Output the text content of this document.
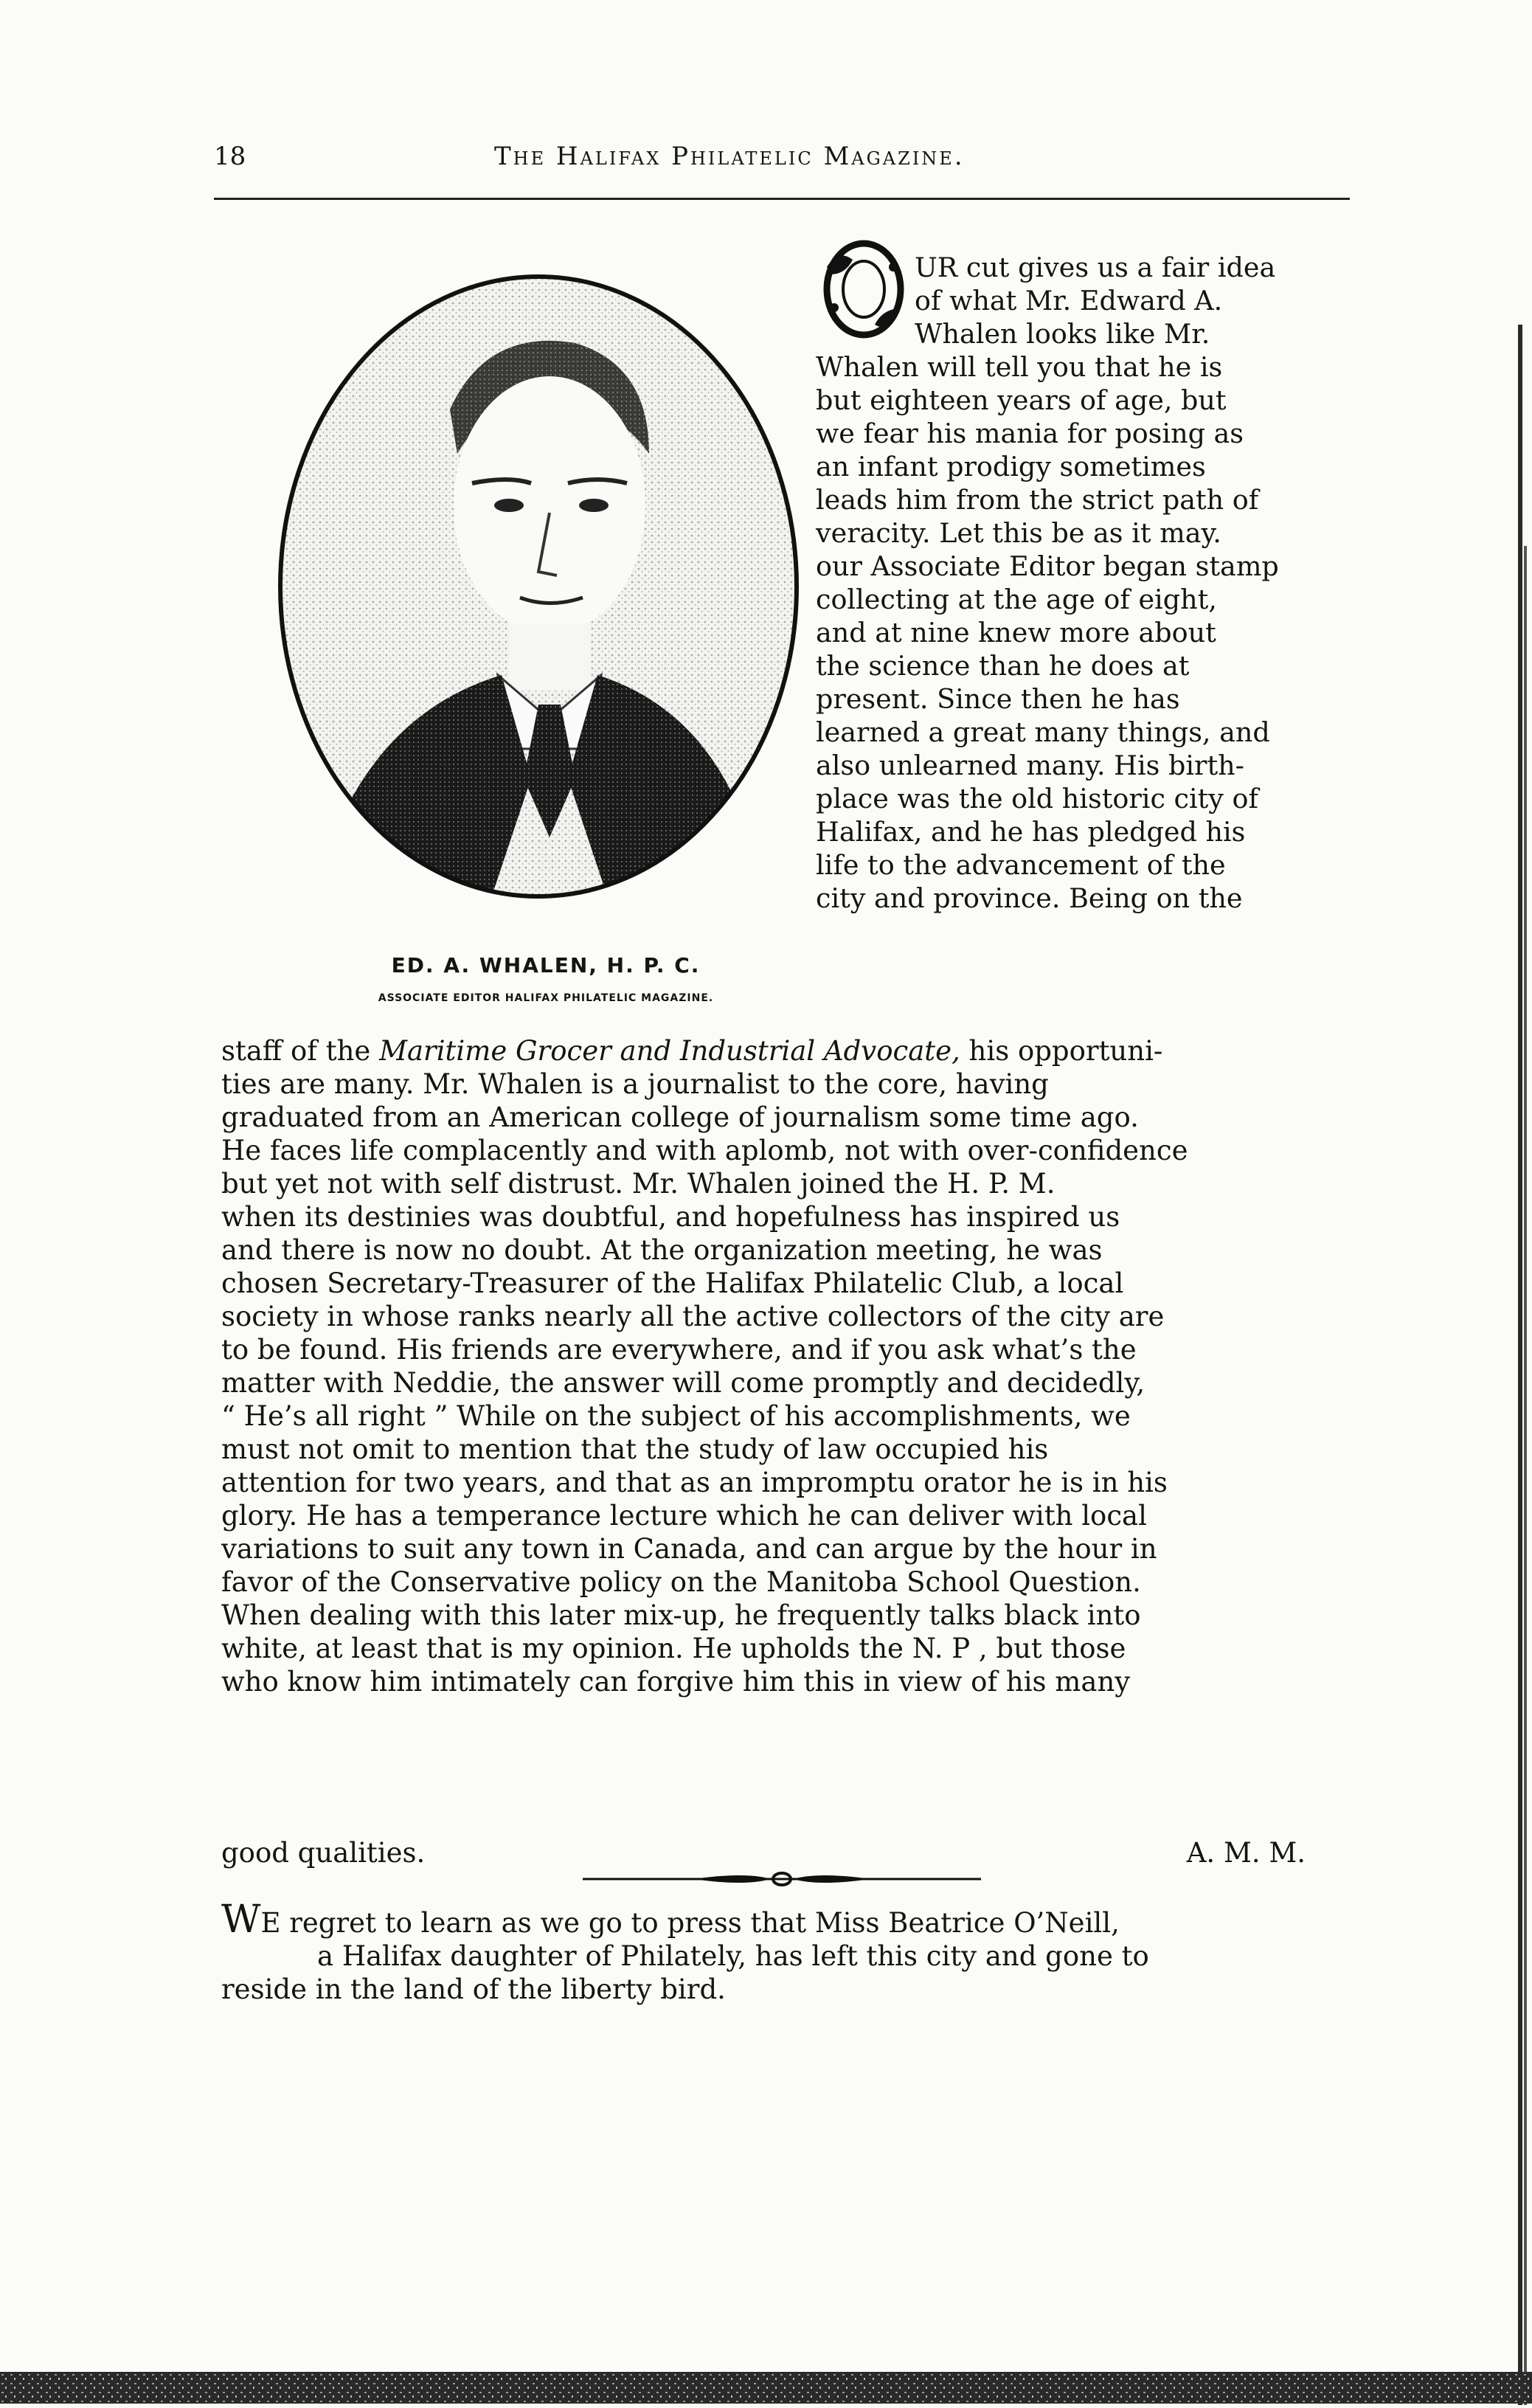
18	The Halifax Philatelic Magazine.
ED. A. WHALEN, H. P. C.
ASSOCIATE EDITOR HALIFAX PHILATELIC MAGAZINE.
UR cut gives us a fair idea
of what Mr. Edward A.
Whalen looks like Mr.
Whalen will tell you that he is
but eighteen years of age, but
we fear his mania for posing as
an infant prodigy sometimes
leads him from the strict path of
veracity. Let this be as it may.
our Associate Editor began stamp
collecting at the age of eight,
and at nine knew more about
the science than he does at
present. Since then he has
learned a great many things, and
also unlearned many. His birth-
place was the old historic city of
Halifax, and he has pledged his
life to the advancement of the
city and province. Being on the
staff of the Maritime Grocer and Industrial Advocate, his opportuni-
ties are many. Mr. Whalen is a journalist to the core, having
graduated from an American college of journalism some time ago.
He faces life complacently and with aplomb, not with over-confidence
but yet not with self distrust. Mr. Whalen joined the H. P. M.
when its destinies was doubtful, and hopefulness has inspired us
and there is now no doubt. At the organization meeting, he was
chosen Secretary-Treasurer of the Halifax Philatelic Club, a local
society in whose ranks nearly all the active collectors of the city are
to be found. His friends are everywhere, and if you ask what’s the
matter with Neddie, the answer will come promptly and decidedly,
“ He’s all right ” While on the subject of his accomplishments, we
must not omit to mention that the study of law occupied his
attention for two years, and that as an impromptu orator he is in his
glory. He has a temperance lecture which he can deliver with local
variations to suit any town in Canada, and can argue by the hour in
favor of the Conservative policy on the Manitoba School Question.
When dealing with this later mix-up, he frequently talks black into
white, at least that is my opinion. He upholds the N. P , but those
who know him intimately can forgive him this in view of his many
good qualities.	A. M. M.
WE regret to learn as we go to press that Miss Beatrice O’Neill,
a Halifax daughter of Philately, has left this city and gone to
reside in the land of the liberty bird.
